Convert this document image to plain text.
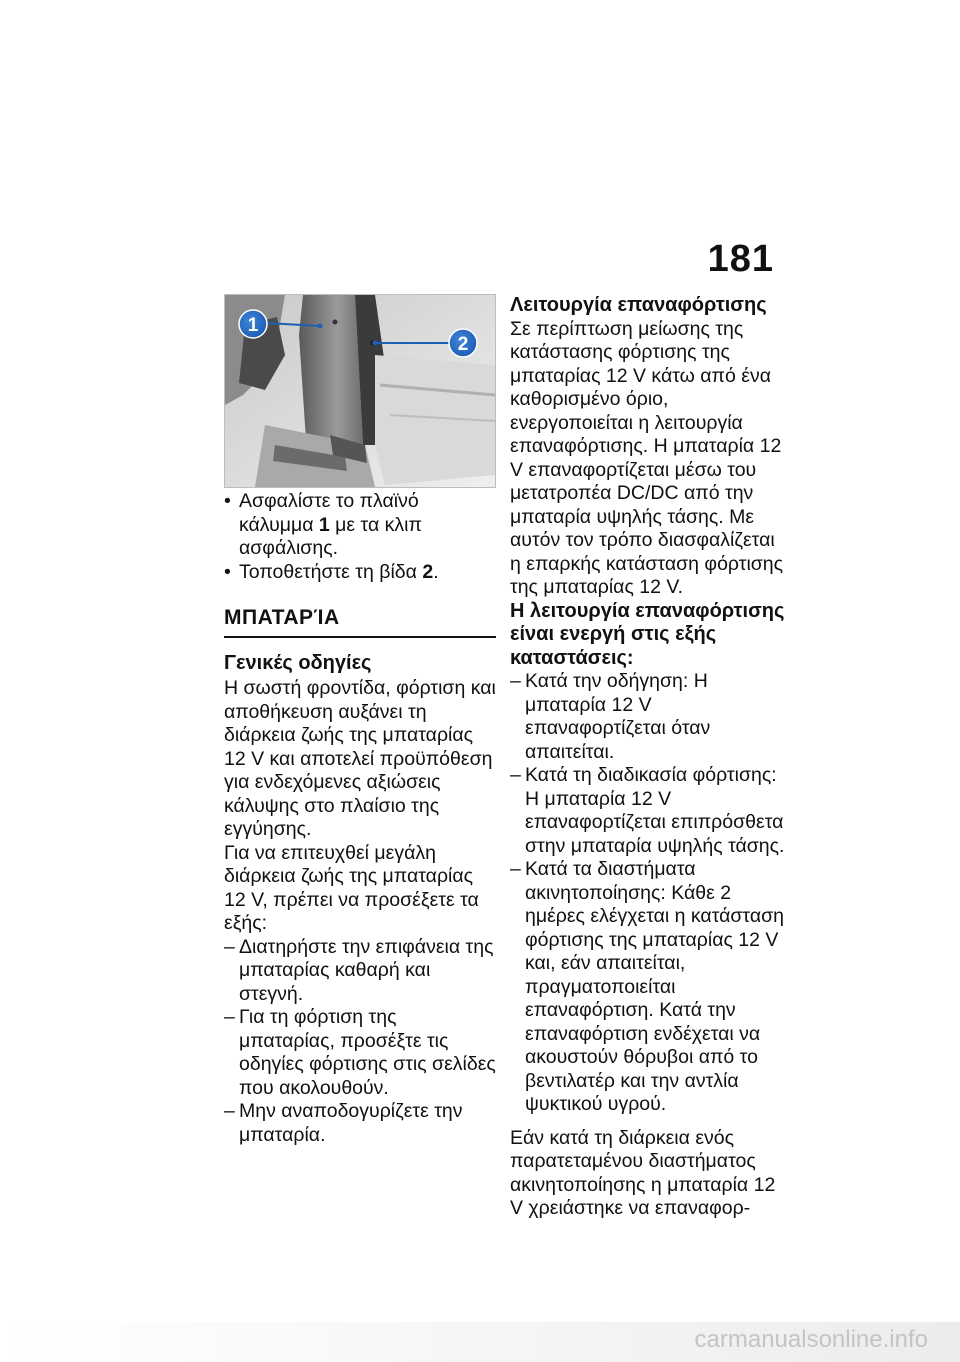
181
1
2

• Ασφαλίστε το πλαϊνό κάλυμμα 1 με τα κλιπ ασφάλισης.

• Τοποθετήστε τη βίδα 2.

ΜΠΑΤΑΡΊΑ
Γενικές οδηγίες

Η σωστή φροντίδα, φόρτιση και αποθήκευση αυξάνει τη διάρκεια ζωής της μπαταρίας 12 V και αποτελεί προϋπόθεση για ενδεχόμενες αξιώσεις κάλυψης στο πλαίσιο της εγγύησης.

Για να επιτευχθεί μεγάλη διάρκεια ζωής της μπαταρίας 12 V, πρέπει να προσέξετε τα εξής:

– Διατηρήστε την επιφάνεια της μπαταρίας καθαρή και στεγνή.

– Για τη φόρτιση της μπαταρίας, προσέξτε τις οδηγίες φόρτισης στις σελίδες που ακολουθούν.

– Μην αναποδογυρίζετε την μπαταρία.

Λειτουργία επαναφόρτισης

Σε περίπτωση μείωσης της κατάστασης φόρτισης της μπαταρίας 12 V κάτω από ένα καθορισμένο όριο, ενεργοποιείται η λειτουργία επαναφόρτισης. Η μπαταρία 12 V επαναφορτίζεται μέσω του μετατροπέα DC/DC από την μπαταρία υψηλής τάσης. Με αυτόν τον τρόπο διασφαλίζεται η επαρκής κατάσταση φόρτισης της μπαταρίας 12 V.

Η λειτουργία επαναφόρτισης είναι ενεργή στις εξής καταστάσεις:

– Κατά την οδήγηση: Η μπαταρία 12 V επαναφορτίζεται όταν απαιτείται.

– Κατά τη διαδικασία φόρτισης: Η μπαταρία 12 V επαναφορτίζεται επιπρόσθετα στην μπαταρία υψηλής τάσης.

– Κατά τα διαστήματα ακινητοποίησης: Κάθε 2 ημέρες ελέγχεται η κατάσταση φόρτισης της μπαταρίας 12 V και, εάν απαιτείται, πραγματοποιείται επαναφόρτιση. Κατά την επαναφόρτιση ενδέχεται να ακουστούν θόρυβοι από το βεντιλατέρ και την αντλία ψυκτικού υγρού.

Εάν κατά τη διάρκεια ενός παρατεταμένου διαστήματος ακινητοποίησης η μπαταρία 12 V χρειάστηκε να επαναφορ-

carmanualsonline.info
